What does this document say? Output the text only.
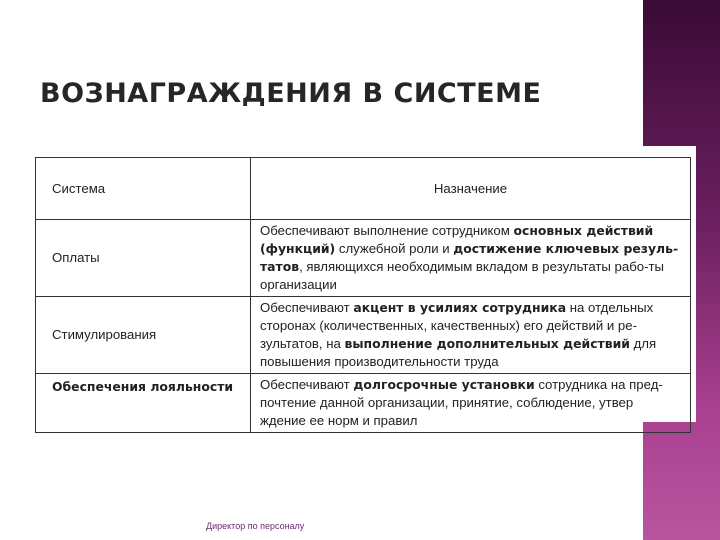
ВОЗНАГРАЖДЕНИЯ В СИСТЕМЕ
Система	Назначение
Оплаты	Обеспечивают выполнение сотрудником основных действий (функций) служебной роли и достижение ключевых резуль-татов, являющихся необходимым вкладом в результаты рабо-ты организации
Стимулирования	Обеспечивают акцент в усилиях сотрудника на отдельных сторонах (количественных, качественных) его действий и ре-зультатов, на выполнение дополнительных действий для повышения производительности труда
Обеспечения лояльности	Обеспечивают долгосрочные установки сотрудника на пред-почтение данной организации, принятие, соблюдение, утвер ждение ее норм и правил
Директор по персоналу
